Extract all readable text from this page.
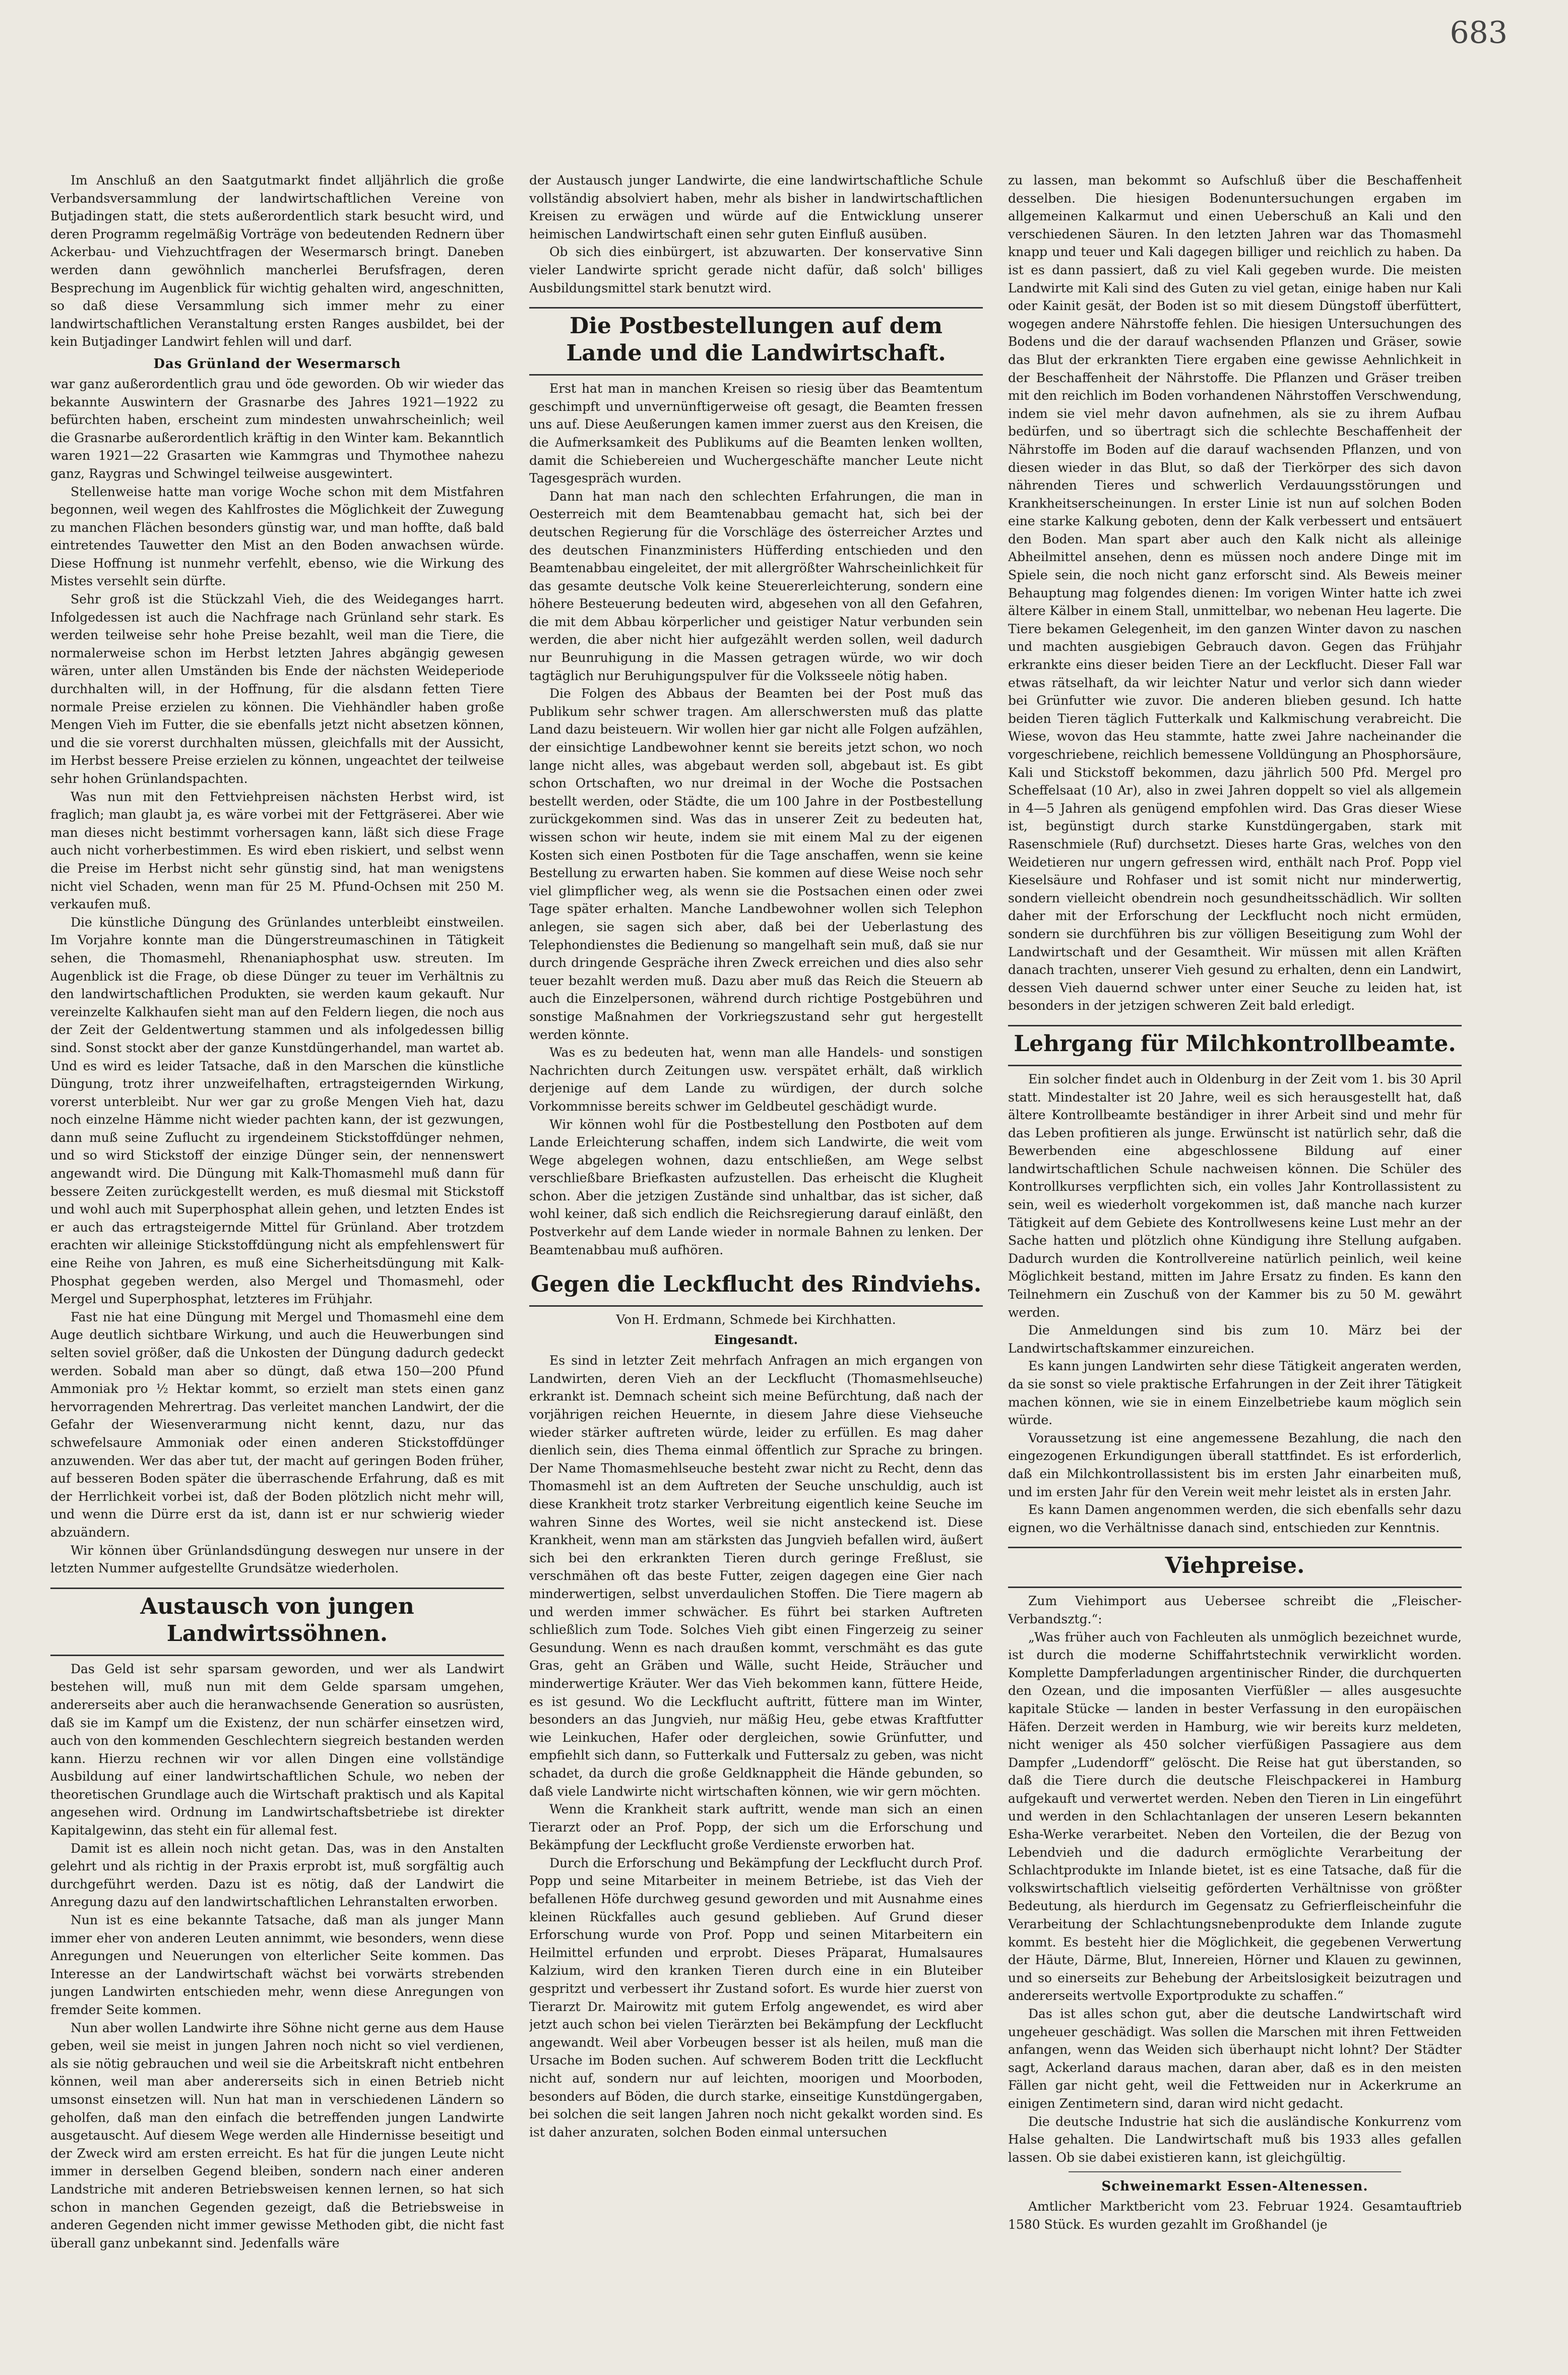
683

Im Anschluß an den Saatgutmarkt findet alljährlich die große Verbandsversammlung der landwirtschaftlichen Vereine von Butjadingen statt, die stets außerordentlich stark besucht wird, und deren Programm regelmäßig Vorträge von bedeutenden Rednern über Ackerbau- und Viehzuchtfragen der Wesermarsch bringt. Daneben werden dann gewöhnlich mancherlei Berufsfragen, deren Besprechung im Augenblick für wichtig gehalten wird, angeschnitten, so daß diese Versammlung sich immer mehr zu einer landwirtschaftlichen Veranstaltung ersten Ranges ausbildet, bei der kein Butjadinger Landwirt fehlen will und darf.

Das Grünland der Wesermarsch

war ganz außerordentlich grau und öde geworden. Ob wir wieder das bekannte Auswintern der Grasnarbe des Jahres 1921—1922 zu befürchten haben, erscheint zum mindesten unwahrscheinlich; weil die Grasnarbe außerordentlich kräftig in den Winter kam. Bekanntlich waren 1921—22 Grasarten wie Kammgras und Thymothee nahezu ganz, Raygras und Schwingel teilweise ausgewintert.

Stellenweise hatte man vorige Woche schon mit dem Mistfahren begonnen, weil wegen des Kahlfrostes die Möglichkeit der Zuwegung zu manchen Flächen besonders günstig war, und man hoffte, daß bald eintretendes Tauwetter den Mist an den Boden anwachsen würde. Diese Hoffnung ist nunmehr verfehlt, ebenso, wie die Wirkung des Mistes versehlt sein dürfte.

Sehr groß ist die Stückzahl Vieh, die des Weideganges harrt. Infolgedessen ist auch die Nachfrage nach Grünland sehr stark. Es werden teilweise sehr hohe Preise bezahlt, weil man die Tiere, die normalerweise schon im Herbst letzten Jahres abgängig gewesen wären, unter allen Umständen bis Ende der nächsten Weideperiode durchhalten will, in der Hoffnung, für die alsdann fetten Tiere normale Preise erzielen zu können. Die Viehhändler haben große Mengen Vieh im Futter, die sie ebenfalls jetzt nicht absetzen können, und die sie vorerst durchhalten müssen, gleichfalls mit der Aussicht, im Herbst bessere Preise erzielen zu können, ungeachtet der teilweise sehr hohen Grünlandspachten.

Was nun mit den Fettviehpreisen nächsten Herbst wird, ist fraglich; man glaubt ja, es wäre vorbei mit der Fettgräserei. Aber wie man dieses nicht bestimmt vorhersagen kann, läßt sich diese Frage auch nicht vorherbestimmen. Es wird eben riskiert, und selbst wenn die Preise im Herbst nicht sehr günstig sind, hat man wenigstens nicht viel Schaden, wenn man für 25 M. Pfund-Ochsen mit 250 M. verkaufen muß.

Die künstliche Düngung des Grünlandes unterbleibt einstweilen. Im Vorjahre konnte man die Düngerstreumaschinen in Tätigkeit sehen, die Thomasmehl, Rhenaniaphosphat usw. streuten. Im Augenblick ist die Frage, ob diese Dünger zu teuer im Verhältnis zu den landwirtschaftlichen Produkten, sie werden kaum gekauft. Nur vereinzelte Kalkhaufen sieht man auf den Feldern liegen, die noch aus der Zeit der Geldentwertung stammen und als infolgedessen billig sind. Sonst stockt aber der ganze Kunstdüngerhandel, man wartet ab. Und es wird es leider Tatsache, daß in den Marschen die künstliche Düngung, trotz ihrer unzweifelhaften, ertragsteigernden Wirkung, vorerst unterbleibt. Nur wer gar zu große Mengen Vieh hat, dazu noch einzelne Hämme nicht wieder pachten kann, der ist gezwungen, dann muß seine Zuflucht zu irgendeinem Stickstoffdünger nehmen, und so wird Stickstoff der einzige Dünger sein, der nennenswert angewandt wird. Die Düngung mit Kalk-Thomasmehl muß dann für bessere Zeiten zurückgestellt werden, es muß diesmal mit Stickstoff und wohl auch mit Superphosphat allein gehen, und letzten Endes ist er auch das ertragsteigernde Mittel für Grünland. Aber trotzdem erachten wir alleinige Stickstoffdüngung nicht als empfehlenswert für eine Reihe von Jahren, es muß eine Sicherheitsdüngung mit Kalk-Phosphat gegeben werden, also Mergel und Thomasmehl, oder Mergel und Superphosphat, letzteres im Frühjahr.

Fast nie hat eine Düngung mit Mergel und Thomasmehl eine dem Auge deutlich sichtbare Wirkung, und auch die Heuwerbungen sind selten soviel größer, daß die Unkosten der Düngung dadurch gedeckt werden. Sobald man aber so düngt, daß etwa 150—200 Pfund Ammoniak pro ½ Hektar kommt, so erzielt man stets einen ganz hervorragenden Mehrertrag. Das verleitet manchen Landwirt, der die Gefahr der Wiesenverarmung nicht kennt, dazu, nur das schwefelsaure Ammoniak oder einen anderen Stickstoffdünger anzuwenden. Wer das aber tut, der macht auf geringen Boden früher, auf besseren Boden später die überraschende Erfahrung, daß es mit der Herrlichkeit vorbei ist, daß der Boden plötzlich nicht mehr will, und wenn die Dürre erst da ist, dann ist er nur schwierig wieder abzuändern.

Wir können über Grünlandsdüngung deswegen nur unsere in der letzten Nummer aufgestellte Grundsätze wiederholen.

Austausch von jungen Landwirtssöhnen.

Das Geld ist sehr sparsam geworden, und wer als Landwirt bestehen will, muß nun mit dem Gelde sparsam umgehen, andererseits aber auch die heranwachsende Generation so ausrüsten, daß sie im Kampf um die Existenz, der nun schärfer einsetzen wird, auch von den kommenden Geschlechtern siegreich bestanden werden kann. Hierzu rechnen wir vor allen Dingen eine vollständige Ausbildung auf einer landwirtschaftlichen Schule, wo neben der theoretischen Grundlage auch die Wirtschaft praktisch und als Kapital angesehen wird. Ordnung im Landwirtschaftsbetriebe ist direkter Kapitalgewinn, das steht ein für allemal fest.

Damit ist es allein noch nicht getan. Das, was in den Anstalten gelehrt und als richtig in der Praxis erprobt ist, muß sorgfältig auch durchgeführt werden. Dazu ist es nötig, daß der Landwirt die Anregung dazu auf den landwirtschaftlichen Lehranstalten erworben.

Nun ist es eine bekannte Tatsache, daß man als junger Mann immer eher von anderen Leuten annimmt, wie besonders, wenn diese Anregungen und Neuerungen von elterlicher Seite kommen. Das Interesse an der Landwirtschaft wächst bei vorwärts strebenden jungen Landwirten entschieden mehr, wenn diese Anregungen von fremder Seite kommen.

Nun aber wollen Landwirte ihre Söhne nicht gerne aus dem Hause geben, weil sie meist in jungen Jahren noch nicht so viel verdienen, als sie nötig gebrauchen und weil sie die Arbeitskraft nicht entbehren können, weil man aber andererseits sich in einen Betrieb nicht umsonst einsetzen will. Nun hat man in verschiedenen Ländern so geholfen, daß man den einfach die betreffenden jungen Landwirte ausgetauscht. Auf diesem Wege werden alle Hindernisse beseitigt und der Zweck wird am ersten erreicht. Es hat für die jungen Leute nicht immer in derselben Gegend bleiben, sondern nach einer anderen Landstriche mit anderen Betriebsweisen kennen lernen, so hat sich schon in manchen Gegenden gezeigt, daß die Betriebsweise in anderen Gegenden nicht immer gewisse Methoden gibt, die nicht fast überall ganz unbekannt sind. Jedenfalls wäre

der Austausch junger Landwirte, die eine landwirtschaftliche Schule vollständig absolviert haben, mehr als bisher in landwirtschaftlichen Kreisen zu erwägen und würde auf die Entwicklung unserer heimischen Landwirtschaft einen sehr guten Einfluß ausüben.

Ob sich dies einbürgert, ist abzuwarten. Der konservative Sinn vieler Landwirte spricht gerade nicht dafür, daß solch' billiges Ausbildungsmittel stark benutzt wird.

Die Postbestellungen auf dem Lande und die Landwirtschaft.

Erst hat man in manchen Kreisen so riesig über das Beamtentum geschimpft und unvernünftigerweise oft gesagt, die Beamten fressen uns auf. Diese Aeußerungen kamen immer zuerst aus den Kreisen, die die Aufmerksamkeit des Publikums auf die Beamten lenken wollten, damit die Schiebereien und Wuchergeschäfte mancher Leute nicht Tagesgespräch wurden.

Dann hat man nach den schlechten Erfahrungen, die man in Oesterreich mit dem Beamtenabbau gemacht hat, sich bei der deutschen Regierung für die Vorschläge des österreicher Arztes und des deutschen Finanzministers Hüfferding entschieden und den Beamtenabbau eingeleitet, der mit allergrößter Wahrscheinlichkeit für das gesamte deutsche Volk keine Steuererleichterung, sondern eine höhere Besteuerung bedeuten wird, abgesehen von all den Gefahren, die mit dem Abbau körperlicher und geistiger Natur verbunden sein werden, die aber nicht hier aufgezählt werden sollen, weil dadurch nur Beunruhigung in die Massen getragen würde, wo wir doch tagtäglich nur Beruhigungspulver für die Volksseele nötig haben.

Die Folgen des Abbaus der Beamten bei der Post muß das Publikum sehr schwer tragen. Am allerschwersten muß das platte Land dazu beisteuern. Wir wollen hier gar nicht alle Folgen aufzählen, der einsichtige Landbewohner kennt sie bereits jetzt schon, wo noch lange nicht alles, was abgebaut werden soll, abgebaut ist. Es gibt schon Ortschaften, wo nur dreimal in der Woche die Postsachen bestellt werden, oder Städte, die um 100 Jahre in der Postbestellung zurückgekommen sind. Was das in unserer Zeit zu bedeuten hat, wissen schon wir heute, indem sie mit einem Mal zu der eigenen Kosten sich einen Postboten für die Tage anschaffen, wenn sie keine Bestellung zu erwarten haben. Sie kommen auf diese Weise noch sehr viel glimpflicher weg, als wenn sie die Postsachen einen oder zwei Tage später erhalten. Manche Landbewohner wollen sich Telephon anlegen, sie sagen sich aber, daß bei der Ueberlastung des Telephondienstes die Bedienung so mangelhaft sein muß, daß sie nur durch dringende Gespräche ihren Zweck erreichen und dies also sehr teuer bezahlt werden muß. Dazu aber muß das Reich die Steuern ab auch die Einzelpersonen, während durch richtige Postgebühren und sonstige Maßnahmen der Vorkriegszustand sehr gut hergestellt werden könnte.

Was es zu bedeuten hat, wenn man alle Handels- und sonstigen Nachrichten durch Zeitungen usw. verspätet erhält, daß wirklich derjenige auf dem Lande zu würdigen, der durch solche Vorkommnisse bereits schwer im Geldbeutel geschädigt wurde.

Wir können wohl für die Postbestellung den Postboten auf dem Lande Erleichterung schaffen, indem sich Landwirte, die weit vom Wege abgelegen wohnen, dazu entschließen, am Wege selbst verschließbare Briefkasten aufzustellen. Das erheischt die Klugheit schon. Aber die jetzigen Zustände sind unhaltbar, das ist sicher, daß wohl keiner, daß sich endlich die Reichsregierung darauf einläßt, den Postverkehr auf dem Lande wieder in normale Bahnen zu lenken. Der Beamtenabbau muß aufhören.

Gegen die Leckflucht des Rindviehs.

Von H. Erdmann, Schmede bei Kirchhatten.

Eingesandt.

Es sind in letzter Zeit mehrfach Anfragen an mich ergangen von Landwirten, deren Vieh an der Leckflucht (Thomasmehlseuche) erkrankt ist. Demnach scheint sich meine Befürchtung, daß nach der vorjährigen reichen Heuernte, in diesem Jahre diese Viehseuche wieder stärker auftreten würde, leider zu erfüllen. Es mag daher dienlich sein, dies Thema einmal öffentlich zur Sprache zu bringen. Der Name Thomasmehlseuche besteht zwar nicht zu Recht, denn das Thomasmehl ist an dem Auftreten der Seuche unschuldig, auch ist diese Krankheit trotz starker Verbreitung eigentlich keine Seuche im wahren Sinne des Wortes, weil sie nicht ansteckend ist. Diese Krankheit, wenn man am stärksten das Jungvieh befallen wird, äußert sich bei den erkrankten Tieren durch geringe Freßlust, sie verschmähen oft das beste Futter, zeigen dagegen eine Gier nach minderwertigen, selbst unverdaulichen Stoffen. Die Tiere magern ab und werden immer schwächer. Es führt bei starken Auftreten schließlich zum Tode. Solches Vieh gibt einen Fingerzeig zu seiner Gesundung. Wenn es nach draußen kommt, verschmäht es das gute Gras, geht an Gräben und Wälle, sucht Heide, Sträucher und minderwertige Kräuter. Wer das Vieh bekommen kann, füttere Heide, es ist gesund. Wo die Leckflucht auftritt, füttere man im Winter, besonders an das Jungvieh, nur mäßig Heu, gebe etwas Kraftfutter wie Leinkuchen, Hafer oder dergleichen, sowie Grünfutter, und empfiehlt sich dann, so Futterkalk und Futtersalz zu geben, was nicht schadet, da durch die große Geldknappheit die Hände gebunden, so daß viele Landwirte nicht wirtschaften können, wie wir gern möchten.

Wenn die Krankheit stark auftritt, wende man sich an einen Tierarzt oder an Prof. Popp, der sich um die Erforschung und Bekämpfung der Leckflucht große Verdienste erworben hat.

Durch die Erforschung und Bekämpfung der Leckflucht durch Prof. Popp und seine Mitarbeiter in meinem Betriebe, ist das Vieh der befallenen Höfe durchweg gesund geworden und mit Ausnahme eines kleinen Rückfalles auch gesund geblieben. Auf Grund dieser Erforschung wurde von Prof. Popp und seinen Mitarbeitern ein Heilmittel erfunden und erprobt. Dieses Präparat, Humalsaures Kalzium, wird den kranken Tieren durch eine in ein Bluteiber gespritzt und verbessert ihr Zustand sofort. Es wurde hier zuerst von Tierarzt Dr. Mairowitz mit gutem Erfolg angewendet, es wird aber jetzt auch schon bei vielen Tierärzten bei Bekämpfung der Leckflucht angewandt. Weil aber Vorbeugen besser ist als heilen, muß man die Ursache im Boden suchen. Auf schwerem Boden tritt die Leckflucht nicht auf, sondern nur auf leichten, moorigen und Moorboden, besonders auf Böden, die durch starke, einseitige Kunstdüngergaben, bei solchen die seit langen Jahren noch nicht gekalkt worden sind. Es ist daher anzuraten, solchen Boden einmal untersuchen

zu lassen, man bekommt so Aufschluß über die Beschaffenheit desselben. Die hiesigen Bodenuntersuchungen ergaben im allgemeinen Kalkarmut und einen Ueberschuß an Kali und den verschiedenen Säuren. In den letzten Jahren war das Thomasmehl knapp und teuer und Kali dagegen billiger und reichlich zu haben. Da ist es dann passiert, daß zu viel Kali gegeben wurde. Die meisten Landwirte mit Kali sind des Guten zu viel getan, einige haben nur Kali oder Kainit gesät, der Boden ist so mit diesem Düngstoff überfüttert, wogegen andere Nährstoffe fehlen. Die hiesigen Untersuchungen des Bodens und die der darauf wachsenden Pflanzen und Gräser, sowie das Blut der erkrankten Tiere ergaben eine gewisse Aehnlichkeit in der Beschaffenheit der Nährstoffe. Die Pflanzen und Gräser treiben mit den reichlich im Boden vorhandenen Nährstoffen Verschwendung, indem sie viel mehr davon aufnehmen, als sie zu ihrem Aufbau bedürfen, und so übertragt sich die schlechte Beschaffenheit der Nährstoffe im Boden auf die darauf wachsenden Pflanzen, und von diesen wieder in das Blut, so daß der Tierkörper des sich davon nährenden Tieres und schwerlich Verdauungsstörungen und Krankheitserscheinungen. In erster Linie ist nun auf solchen Boden eine starke Kalkung geboten, denn der Kalk verbessert und entsäuert den Boden. Man spart aber auch den Kalk nicht als alleinige Abheilmittel ansehen, denn es müssen noch andere Dinge mit im Spiele sein, die noch nicht ganz erforscht sind. Als Beweis meiner Behauptung mag folgendes dienen: Im vorigen Winter hatte ich zwei ältere Kälber in einem Stall, unmittelbar, wo nebenan Heu lagerte. Die Tiere bekamen Gelegenheit, im den ganzen Winter davon zu naschen und machten ausgiebigen Gebrauch davon. Gegen das Frühjahr erkrankte eins dieser beiden Tiere an der Leckflucht. Dieser Fall war etwas rätselhaft, da wir leichter Natur und verlor sich dann wieder bei Grünfutter wie zuvor. Die anderen blieben gesund. Ich hatte beiden Tieren täglich Futterkalk und Kalkmischung verabreicht. Die Wiese, wovon das Heu stammte, hatte zwei Jahre nacheinander die vorgeschriebene, reichlich bemessene Volldüngung an Phosphorsäure, Kali und Stickstoff bekommen, dazu jährlich 500 Pfd. Mergel pro Scheffelsaat (10 Ar), also in zwei Jahren doppelt so viel als allgemein in 4—5 Jahren als genügend empfohlen wird. Das Gras dieser Wiese ist, begünstigt durch starke Kunstdüngergaben, stark mit Rasenschmiele (Ruf) durchsetzt. Dieses harte Gras, welches von den Weidetieren nur ungern gefressen wird, enthält nach Prof. Popp viel Kieselsäure und Rohfaser und ist somit nicht nur minderwertig, sondern vielleicht obendrein noch gesundheitsschädlich. Wir sollten daher mit der Erforschung der Leckflucht noch nicht ermüden, sondern sie durchführen bis zur völligen Beseitigung zum Wohl der Landwirtschaft und der Gesamtheit. Wir müssen mit allen Kräften danach trachten, unserer Vieh gesund zu erhalten, denn ein Landwirt, dessen Vieh dauernd schwer unter einer Seuche zu leiden hat, ist besonders in der jetzigen schweren Zeit bald erledigt.

Lehrgang für Milchkontrollbeamte.

Ein solcher findet auch in Oldenburg in der Zeit vom 1. bis 30 April statt. Mindestalter ist 20 Jahre, weil es sich herausgestellt hat, daß ältere Kontrollbeamte beständiger in ihrer Arbeit sind und mehr für das Leben profitieren als junge. Erwünscht ist natürlich sehr, daß die Bewerbenden eine abgeschlossene Bildung auf einer landwirtschaftlichen Schule nachweisen können. Die Schüler des Kontrollkurses verpflichten sich, ein volles Jahr Kontrollassistent zu sein, weil es wiederholt vorgekommen ist, daß manche nach kurzer Tätigkeit auf dem Gebiete des Kontrollwesens keine Lust mehr an der Sache hatten und plötzlich ohne Kündigung ihre Stellung aufgaben. Dadurch wurden die Kontrollvereine natürlich peinlich, weil keine Möglichkeit bestand, mitten im Jahre Ersatz zu finden. Es kann den Teilnehmern ein Zuschuß von der Kammer bis zu 50 M. gewährt werden.

Die Anmeldungen sind bis zum 10. März bei der Landwirtschaftskammer einzureichen.

Es kann jungen Landwirten sehr diese Tätigkeit angeraten werden, da sie sonst so viele praktische Erfahrungen in der Zeit ihrer Tätigkeit machen können, wie sie in einem Einzelbetriebe kaum möglich sein würde.

Voraussetzung ist eine angemessene Bezahlung, die nach den eingezogenen Erkundigungen überall stattfindet. Es ist erforderlich, daß ein Milchkontrollassistent bis im ersten Jahr einarbeiten muß, und im ersten Jahr für den Verein weit mehr leistet als in ersten Jahr.

Es kann Damen angenommen werden, die sich ebenfalls sehr dazu eignen, wo die Verhältnisse danach sind, entschieden zur Kenntnis.

Viehpreise.

Zum Viehimport aus Uebersee schreibt die „Fleischer-Verbandsztg.“:

„Was früher auch von Fachleuten als unmöglich bezeichnet wurde, ist durch die moderne Schiffahrtstechnik verwirklicht worden. Komplette Dampferladungen argentinischer Rinder, die durchquerten den Ozean, und die imposanten Vierfüßler — alles ausgesuchte kapitale Stücke — landen in bester Verfassung in den europäischen Häfen. Derzeit werden in Hamburg, wie wir bereits kurz meldeten, nicht weniger als 450 solcher vierfüßigen Passagiere aus dem Dampfer „Ludendorff“ gelöscht. Die Reise hat gut überstanden, so daß die Tiere durch die deutsche Fleischpackerei in Hamburg aufgekauft und verwertet werden. Neben den Tieren in Lin eingeführt und werden in den Schlachtanlagen der unseren Lesern bekannten Esha-Werke verarbeitet. Neben den Vorteilen, die der Bezug von Lebendvieh und die dadurch ermöglichte Verarbeitung der Schlachtprodukte im Inlande bietet, ist es eine Tatsache, daß für die volkswirtschaftlich vielseitig geförderten Verhältnisse von größter Bedeutung, als hierdurch im Gegensatz zu Gefrierfleischeinfuhr die Verarbeitung der Schlachtungsnebenprodukte dem Inlande zugute kommt. Es besteht hier die Möglichkeit, die gegebenen Verwertung der Häute, Därme, Blut, Innereien, Hörner und Klauen zu gewinnen, und so einerseits zur Behebung der Arbeitslosigkeit beizutragen und andererseits wertvolle Exportprodukte zu schaffen.“

Das ist alles schon gut, aber die deutsche Landwirtschaft wird ungeheuer geschädigt. Was sollen die Marschen mit ihren Fettweiden anfangen, wenn das Weiden sich überhaupt nicht lohnt? Der Städter sagt, Ackerland daraus machen, daran aber, daß es in den meisten Fällen gar nicht geht, weil die Fettweiden nur in Ackerkrume an einigen Zentimetern sind, daran wird nicht gedacht.

Die deutsche Industrie hat sich die ausländische Konkurrenz vom Halse gehalten. Die Landwirtschaft muß bis 1933 alles gefallen lassen. Ob sie dabei existieren kann, ist gleichgültig.

Schweinemarkt Essen-Altenessen.

Amtlicher Marktbericht vom 23. Februar 1924. Gesamtauftrieb 1580 Stück. Es wurden gezahlt im Großhandel (je
